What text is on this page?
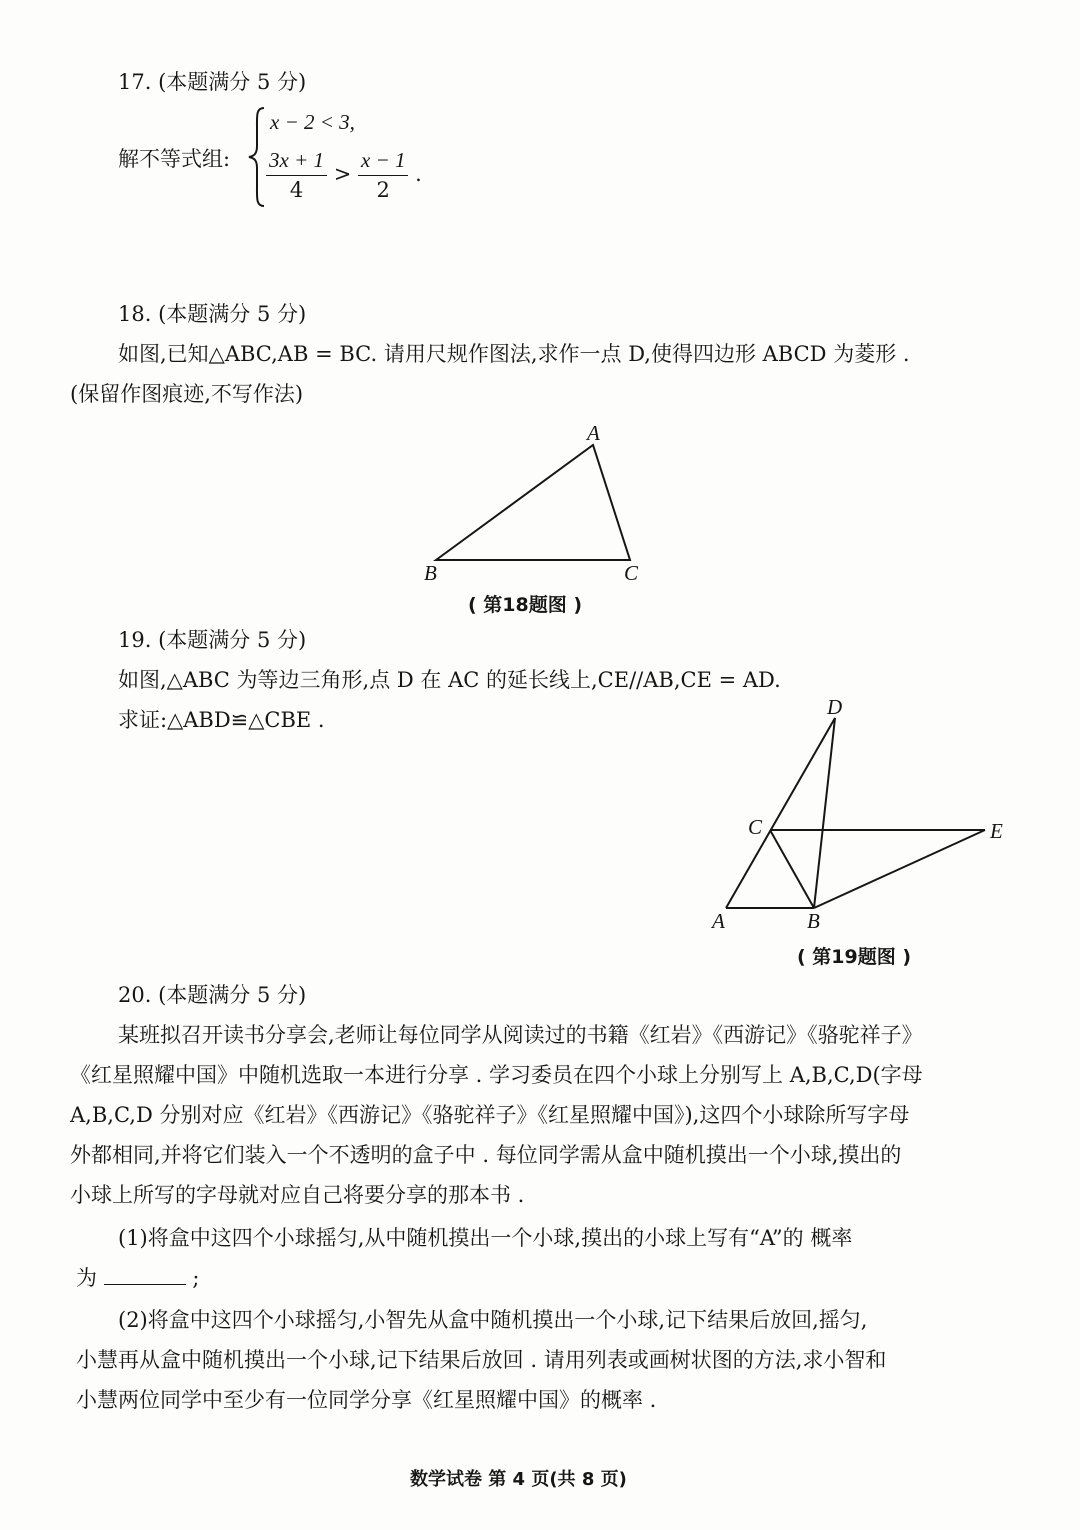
17. (本题满分 5 分)
解不等式组:
x − 2 < 3,
$\frac{3x + 1}{4} > \frac{x - 1}{2}$ .
18. (本题满分 5 分)
如图,已知△ABC,AB = BC. 请用尺规作图法,求作一点 D,使得四边形 ABCD 为菱形 .
(保留作图痕迹,不写作法)
A
B	C
( 第18题图 )
19. (本题满分 5 分)
如图,△ABC 为等边三角形,点 D 在 AC 的延长线上,CE//AB,CE = AD.
求证:△ABD≌△CBE .
D
C	E
A	B
( 第19题图 )
20. (本题满分 5 分)
某班拟召开读书分享会,老师让每位同学从阅读过的书籍《红岩》《西游记》《骆驼祥子》
《红星照耀中国》中随机选取一本进行分享 . 学习委员在四个小球上分别写上 A,B,C,D(字母
A,B,C,D 分别对应《红岩》《西游记》《骆驼祥子》《红星照耀中国》),这四个小球除所写字母
外都相同,并将它们装入一个不透明的盒子中 . 每位同学需从盒中随机摸出一个小球,摸出的
小球上所写的字母就对应自己将要分享的那本书 .
(1)将盒中这四个小球摇匀,从中随机摸出一个小球,摸出的小球上写有“A”的 概率
为	;
(2)将盒中这四个小球摇匀,小智先从盒中随机摸出一个小球,记下结果后放回,摇匀,
小慧再从盒中随机摸出一个小球,记下结果后放回 . 请用列表或画树状图的方法,求小智和
小慧两位同学中至少有一位同学分享《红星照耀中国》的概率 .
数学试卷 第 4 页(共 8 页)
